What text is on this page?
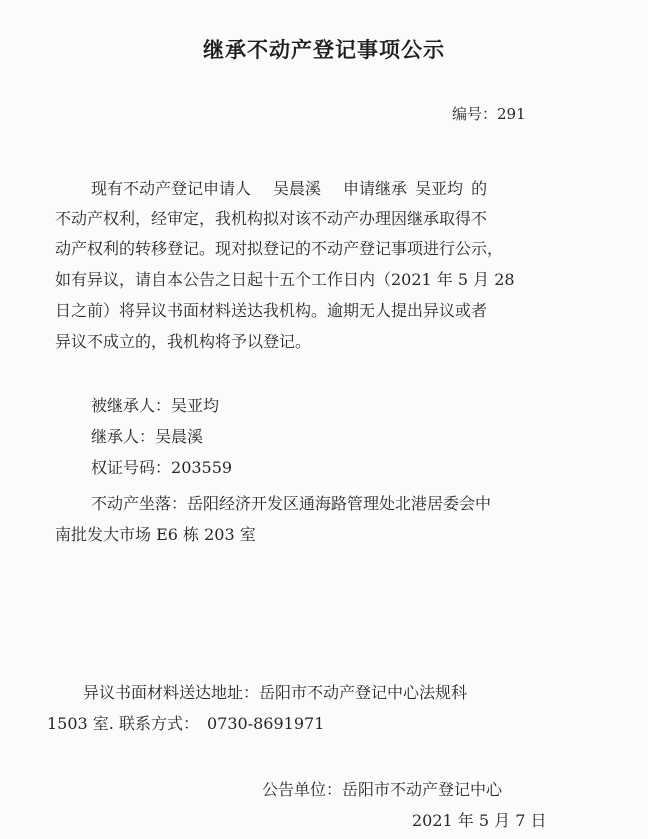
继承不动产登记事项公示
编号：291
现有不动产登记申请人 吴晨溪 申请继承 吴亚均 的
不动产权利，经审定，我机构拟对该不动产办理因继承取得不
动产权利的转移登记。现对拟登记的不动产登记事项进行公示，
如有异议，请自本公告之日起十五个工作日内（2021 年 5 月 28
日之前）将异议书面材料送达我机构。逾期无人提出异议或者
异议不成立的，我机构将予以登记。
被继承人：吴亚均
继承人：吴晨溪
权证号码：203559
不动产坐落：岳阳经济开发区通海路管理处北港居委会中
南批发大市场 E6 栋 203 室
异议书面材料送达地址：岳阳市不动产登记中心法规科
1503 室. 联系方式： 0730-8691971
公告单位：岳阳市不动产登记中心
2021 年 5 月 7 日
